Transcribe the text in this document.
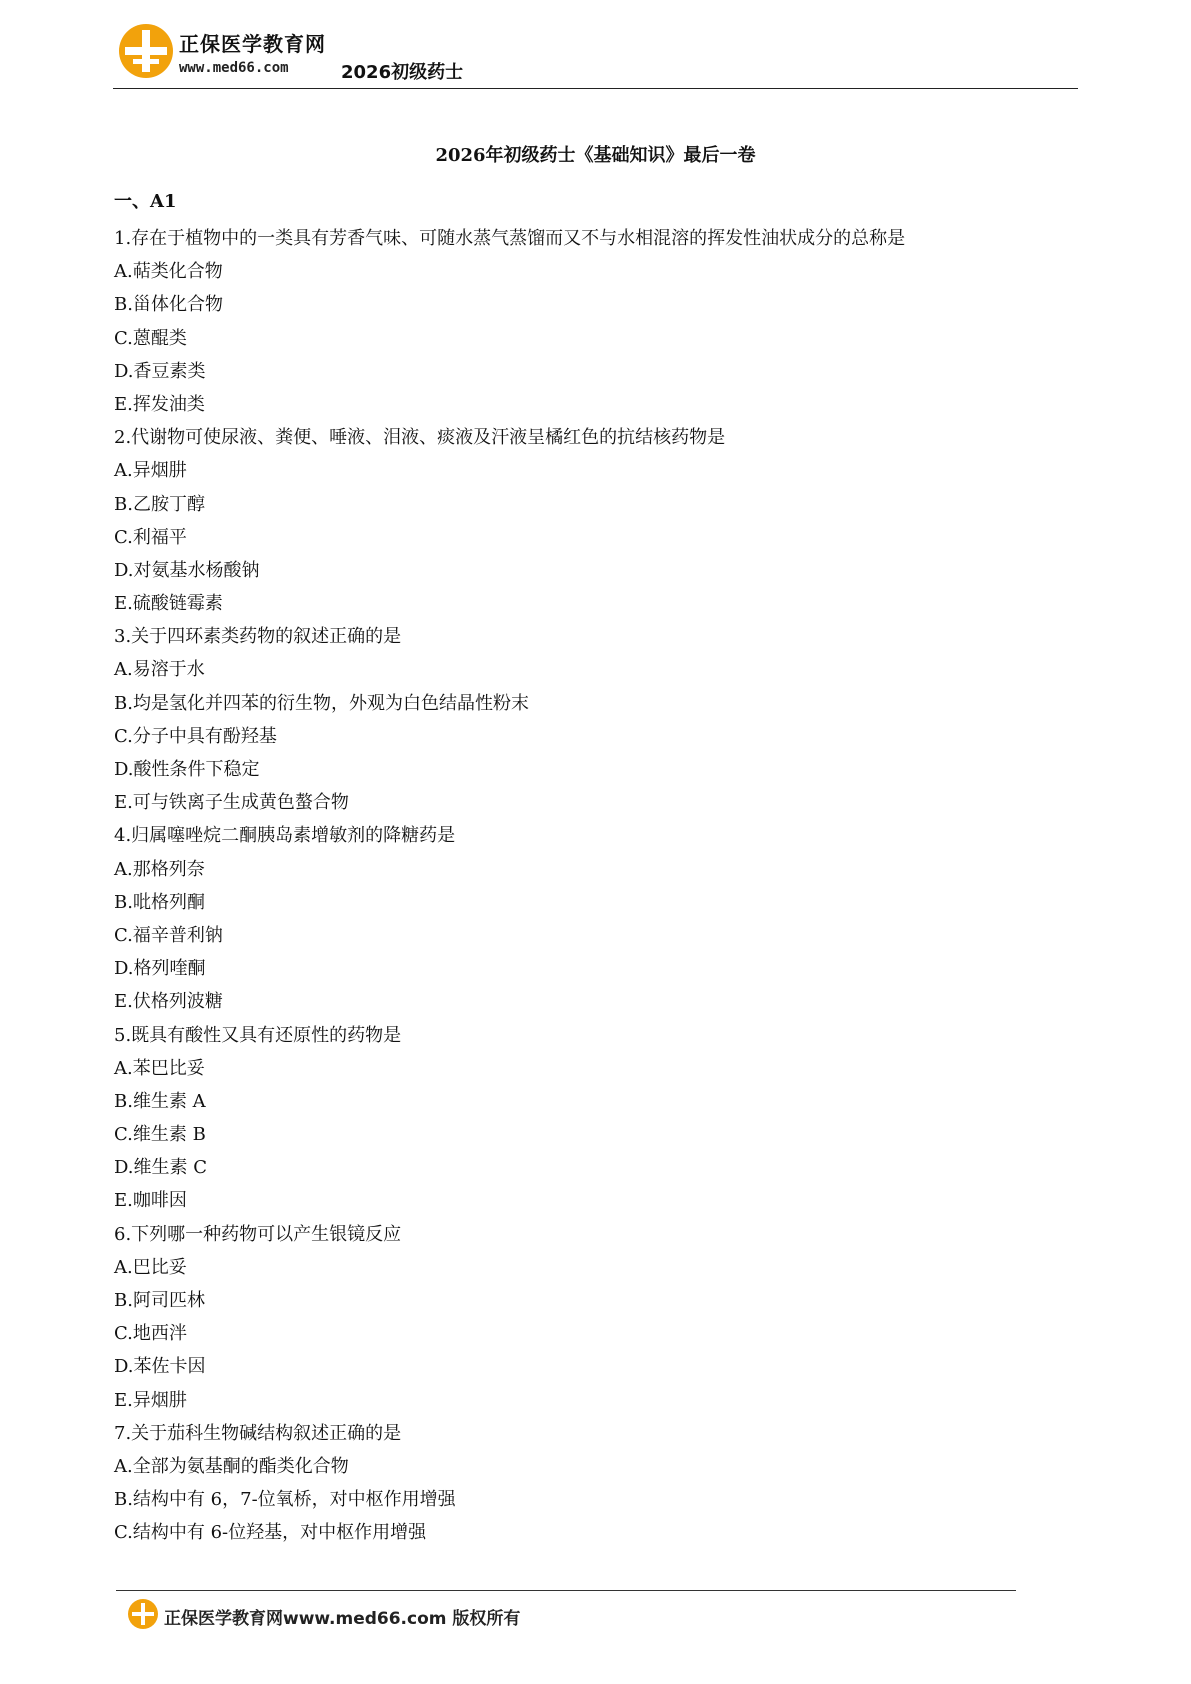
正保医学教育网
www.med66.com	2026初级药士
2026年初级药士《基础知识》最后一卷
一、A1
1.存在于植物中的一类具有芳香气味、可随水蒸气蒸馏而又不与水相混溶的挥发性油状成分的总称是
A.萜类化合物
B.甾体化合物
C.蒽醌类
D.香豆素类
E.挥发油类
2.代谢物可使尿液、粪便、唾液、泪液、痰液及汗液呈橘红色的抗结核药物是
A.异烟肼
B.乙胺丁醇
C.利福平
D.对氨基水杨酸钠
E.硫酸链霉素
3.关于四环素类药物的叙述正确的是
A.易溶于水
B.均是氢化并四苯的衍生物，外观为白色结晶性粉末
C.分子中具有酚羟基
D.酸性条件下稳定
E.可与铁离子生成黄色螯合物
4.归属噻唑烷二酮胰岛素增敏剂的降糖药是
A.那格列奈
B.吡格列酮
C.福辛普利钠
D.格列喹酮
E.伏格列波糖
5.既具有酸性又具有还原性的药物是
A.苯巴比妥
B.维生素 A
C.维生素 B
D.维生素 C
E.咖啡因
6.下列哪一种药物可以产生银镜反应
A.巴比妥
B.阿司匹林
C.地西泮
D.苯佐卡因
E.异烟肼
7.关于茄科生物碱结构叙述正确的是
A.全部为氨基酮的酯类化合物
B.结构中有 6，7-位氧桥，对中枢作用增强
C.结构中有 6-位羟基，对中枢作用增强
正保医学教育网www.med66.com 版权所有
